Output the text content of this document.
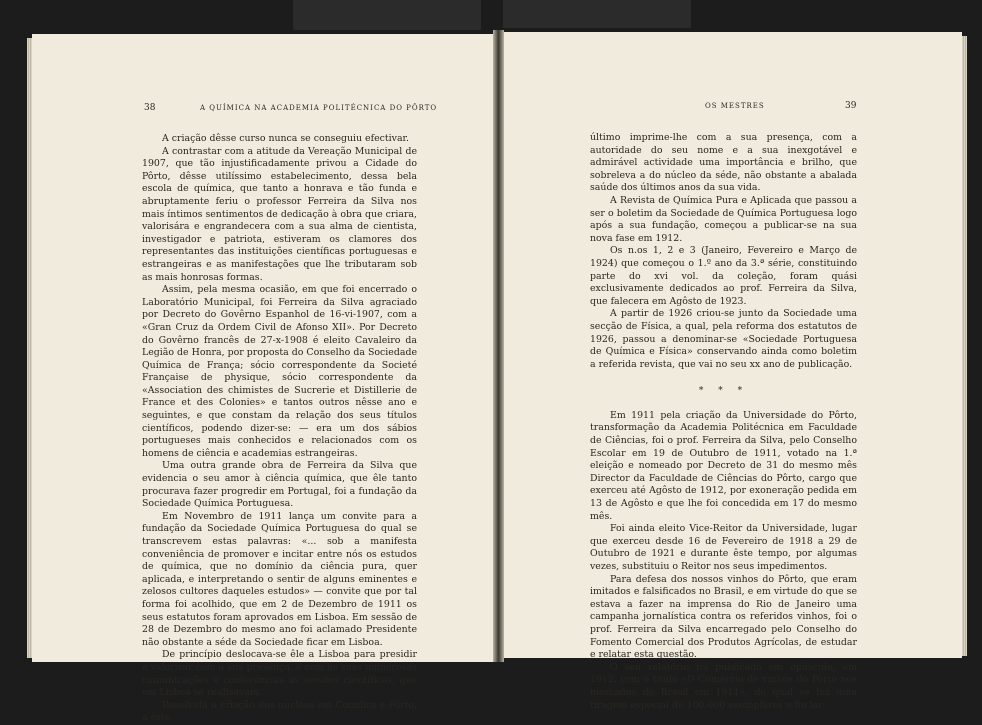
38	A QUÍMICA NA ACADEMIA POLITÉCNICA DO PÔRTO

A criação dêsse curso nunca se conseguiu efectivar.

A contrastar com a atitude da Vereação Municipal de 1907, que tão injustificadamente privou a Cidade do Pôrto, dêsse utilíssimo estabelecimento, dessa bela escola de química, que tanto a honrava e tão funda e abruptamente feriu o professor Ferreira da Silva nos mais íntimos sentimentos de dedicação à obra que criara, valorisára e engrandecera com a sua alma de cientista, investigador e patriota, estiveram os clamores dos representantes das instituições científicas portuguesas e estrangeiras e as manifestações que lhe tributaram sob as mais honrosas formas.

Assim, pela mesma ocasião, em que foi encerrado o Laboratório Municipal, foi Ferreira da Silva agraciado por Decreto do Govêrno Espanhol de 16-vi-1907, com a «Gran Cruz da Ordem Civil de Afonso XII». Por Decreto do Govêrno francês de 27-x-1908 é eleito Cavaleiro da Legião de Honra, por proposta do Conselho da Sociedade Química de França; sócio correspondente da Societé Française de physique, sócio correspondente da «Association des chimistes de Sucrerie et Distillerie de France et des Colonies» e tantos outros nêsse ano e seguintes, e que constam da relação dos seus títulos científicos, podendo dizer-se: — era um dos sábios portugueses mais conhecidos e relacionados com os homens de ciência e academias estrangeiras.

Uma outra grande obra de Ferreira da Silva que evidencia o seu amor à ciência química, que êle tanto procurava fazer progredir em Portugal, foi a fundação da Sociedade Química Portuguesa.

Em Novembro de 1911 lança um convite para a fundação da Sociedade Química Portuguesa do qual se transcrevem estas palavras: «... sob a manifesta conveniência de promover e incitar entre nós os estudos de química, que no domínio da ciência pura, quer aplicada, e interpretando o sentir de alguns eminentes e zelosos cultores daqueles estudos» — convite que por tal forma foi acolhido, que em 2 de Dezembro de 1911 os seus estatutos foram aprovados em Lisboa. Em sessão de 28 de Dezembro do mesmo ano foi aclamado Presidente não obstante a séde da Sociedade ficar em Lisboa.

De princípio deslocava-se êle a Lisboa para presidir e valorisar com a sua presença, e com as suas numerosas comunicações e conferências as sessões científicas, que em Lisboa se realisavam.

Resolvida a criação dos núcleos em Coimbra e Pôrto, a êste

OS MESTRES	39

último imprime-lhe com a sua presença, com a autoridade do seu nome e a sua inexgotável e admirável actividade uma importância e brilho, que sobreleva a do núcleo da séde, não obstante a abalada saúde dos últimos anos da sua vida.

A Revista de Química Pura e Aplicada que passou a ser o boletim da Sociedade de Química Portuguesa logo após a sua fundação, começou a publicar-se na sua nova fase em 1912.

Os n.os 1, 2 e 3 (Janeiro, Fevereiro e Março de 1924) que começou o 1.º ano da 3.ª série, constituindo parte do xvi vol. da coleção, foram quási exclusivamente dedicados ao prof. Ferreira da Silva, que falecera em Agôsto de 1923.

A partir de 1926 criou-se junto da Sociedade uma secção de Física, a qual, pela reforma dos estatutos de 1926, passou a denominar-se «Sociedade Portuguesa de Química e Física» conservando ainda como boletim a referida revista, que vai no seu xx ano de publicação.

* * *

Em 1911 pela criação da Universidade do Pôrto, transformação da Academia Politécnica em Faculdade de Ciências, foi o prof. Ferreira da Silva, pelo Conselho Escolar em 19 de Outubro de 1911, votado na 1.ª eleição e nomeado por Decreto de 31 do mesmo mês Director da Faculdade de Ciências do Pôrto, cargo que exerceu até Agôsto de 1912, por exoneração pedida em 13 de Agôsto e que lhe foi concedida em 17 do mesmo mês.

Foi ainda eleito Vice-Reitor da Universidade, lugar que exerceu desde 16 de Fevereiro de 1918 a 29 de Outubro de 1921 e durante êste tempo, por algumas vezes, substituiu o Reitor nos seus impedimentos.

Para defesa dos nossos vinhos do Pôrto, que eram imitados e falsificados no Brasil, e em virtude do que se estava a fazer na imprensa do Rio de Janeiro uma campanha jornalística contra os referidos vinhos, foi o prof. Ferreira da Silva encarregado pelo Conselho do Fomento Comercial dos Produtos Agrícolas, de estudar e relatar esta questão.

O seu relatório foi publicado em opúsculo, em 1912, com o título «O Comércio de vinhos do Pôrto nos mercados do Brasil em 1911», do qual se fez uma tiragem especial de 100.000 exemplares e foi lar-
